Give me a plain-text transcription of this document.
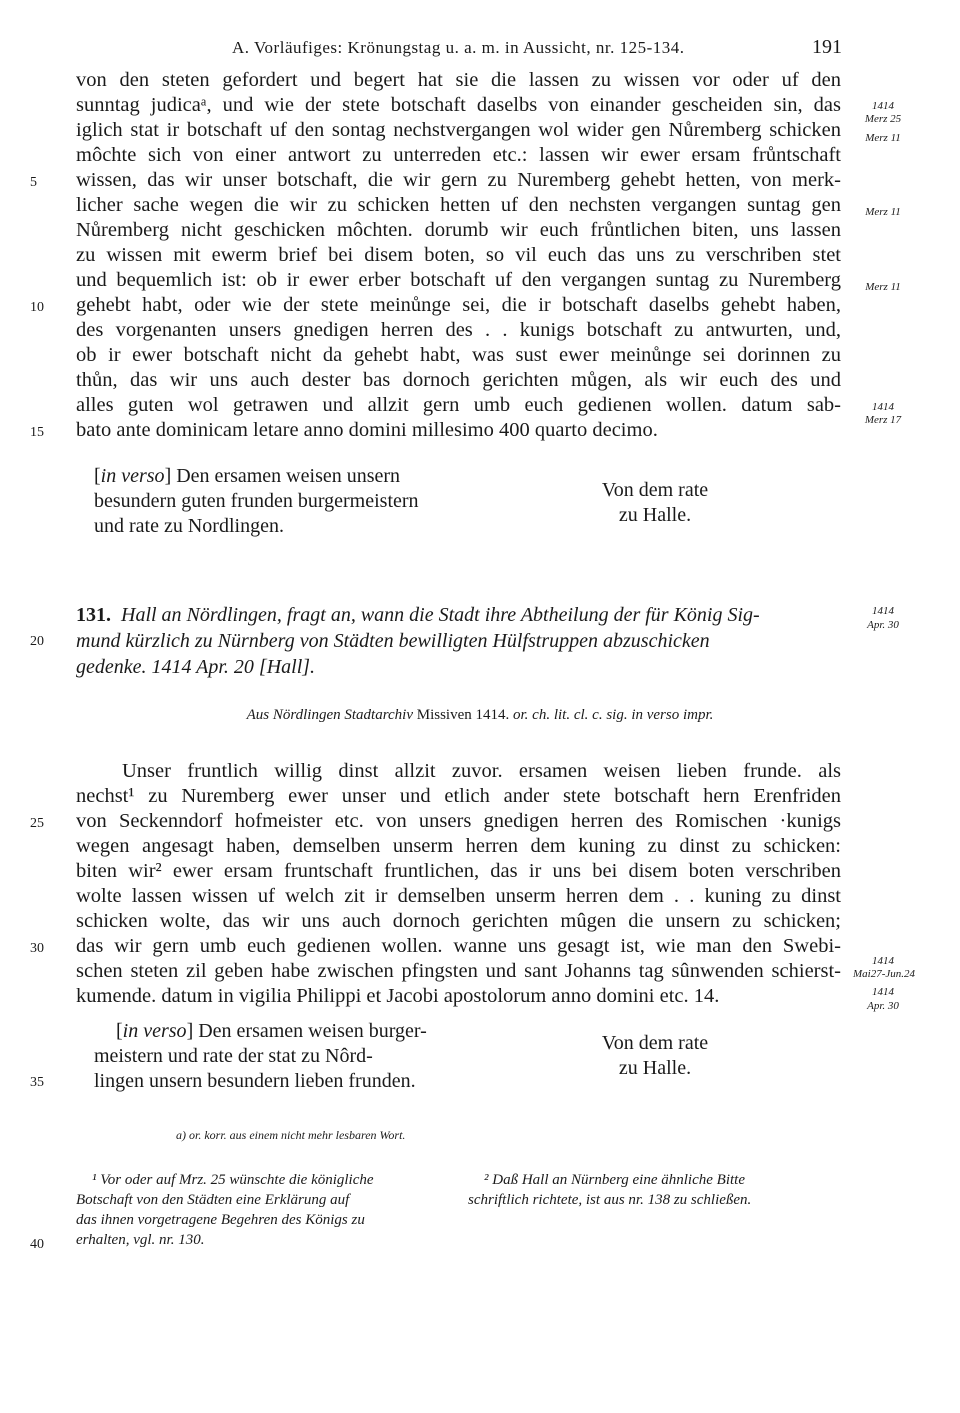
A. Vorläufiges: Krönungstag u. a. m. in Aussicht, nr. 125-134.	191
von den steten gefordert und begert hat sie die lassen zu wissen vor oder uf den
sunntag judicaᵃ, und wie der stete botschaft daselbs von einander gescheiden sin, das
iglich stat ir botschaft uf den sontag nechstvergangen wol wider gen Nůremberg schicken
môchte sich von einer antwort zu unterreden etc.: lassen wir ewer ersam frůntschaft
wissen, das wir unser botschaft, die wir gern zu Nuremberg gehebt hetten, von merk-
licher sache wegen die wir zu schicken hetten uf den nechsten vergangen suntag gen
Nůremberg nicht geschicken môchten. dorumb wir euch frůntlichen biten, uns lassen
zu wissen mit ewerm brief bei disem boten, so vil euch das uns zu verschriben stet
und bequemlich ist: ob ir ewer erber botschaft uf den vergangen suntag zu Nuremberg
gehebt habt, oder wie der stete meinůnge sei, die ir botschaft daselbs gehebt haben,
des vorgenanten unsers gnedigen herren des . . kunigs botschaft zu antwurten, und,
ob ir ewer botschaft nicht da gehebt habt, was sust ewer meinůnge sei dorinnen zu
thůn, das wir uns auch dester bas dornoch gerichten můgen, als wir euch des und
alles guten wol getrawen und allzit gern umb euch gedienen wollen. datum sab-
bato ante dominicam letare anno domini millesimo 400 quarto decimo.
5
10
15
1414
Merz 25
Merz 11
Merz 11
Merz 11
1414
Merz 17
[in verso] Den ersamen weisen unsern
besundern guten frunden burgermeistern
und rate zu Nordlingen.
Von dem rate
zu Halle.
131. Hall an Nördlingen, fragt an, wann die Stadt ihre Abtheilung der für König Sig-
mund kürzlich zu Nürnberg von Städten bewilligten Hülfstruppen abzuschicken
gedenke. 1414 Apr. 20 [Hall].
1414
Apr. 30
20
Aus Nördlingen Stadtarchiv Missiven 1414. or. ch. lit. cl. c. sig. in verso impr.
Unser fruntlich willig dinst allzit zuvor. ersamen weisen lieben frunde. als
nechst¹ zu Nuremberg ewer unser und etlich ander stete botschaft hern Erenfriden
von Seckenndorf hofmeister etc. von unsers gnedigen herren des Romischen ·kunigs
wegen angesagt haben, demselben unserm herren dem kuning zu dinst zu schicken:
biten wir² ewer ersam fruntschaft fruntlichen, das ir uns bei disem boten verschriben
wolte lassen wissen uf welch zit ir demselben unserm herren dem . . kuning zu dinst
schicken wolte, das wir uns auch dornoch gerichten mûgen die unsern zu schicken;
das wir gern umb euch gedienen wollen. wanne uns gesagt ist, wie man den Swebi-
schen steten zil geben habe zwischen pfingsten und sant Johanns tag sûnwenden schierst-
kumende. datum in vigilia Philippi et Jacobi apostolorum anno domini etc. 14.
25
30
1414
Mai27-Jun.24
1414
Apr. 30
[in verso] Den ersamen weisen burger-
meistern und rate der stat zu Nôrd-
lingen unsern besundern lieben frunden.
Von dem rate
zu Halle.
35
a) or. korr. aus einem nicht mehr lesbaren Wort.
¹ Vor oder auf Mrz. 25 wünschte die königliche
Botschaft von den Städten eine Erklärung auf
das ihnen vorgetragene Begehren des Königs zu
erhalten, vgl. nr. 130.
² Daß Hall an Nürnberg eine ähnliche Bitte
schriftlich richtete, ist aus nr. 138 zu schließen.
40
